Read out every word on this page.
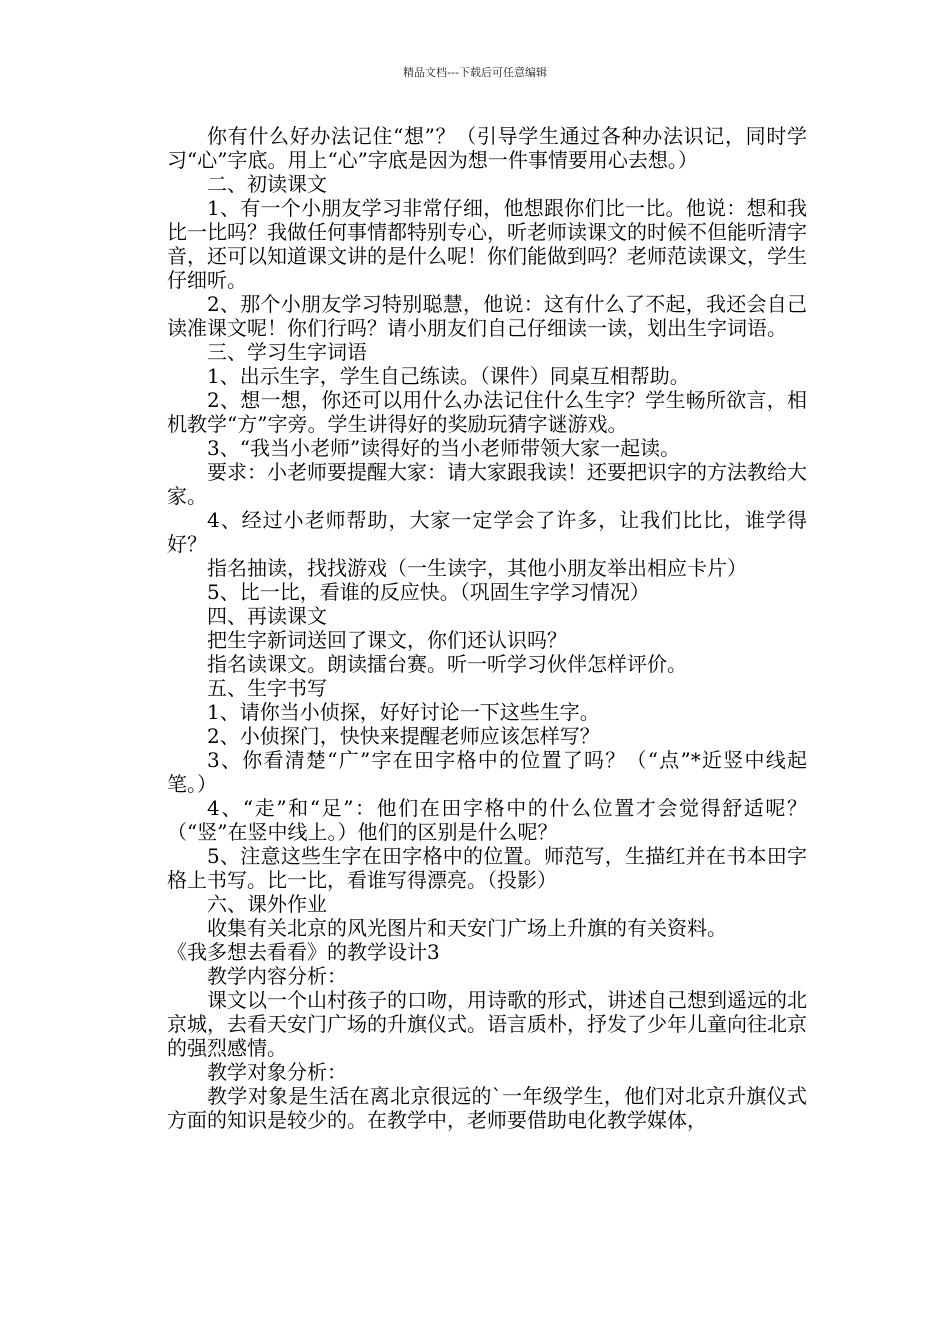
精品文档---下载后可任意编辑

你有什么好办法记住“想”？（引导学生通过各种办法识记，同时学习“心”字底。用上“心”字底是因为想一件事情要用心去想。）

二、初读课文

1、有一个小朋友学习非常仔细，他想跟你们比一比。他说：想和我比一比吗？我做任何事情都特别专心，听老师读课文的时候不但能听清字音，还可以知道课文讲的是什么呢！你们能做到吗？老师范读课文，学生仔细听。

2、那个小朋友学习特别聪慧，他说：这有什么了不起，我还会自己读准课文呢！你们行吗？请小朋友们自己仔细读一读，划出生字词语。

三、学习生字词语

1、出示生字，学生自己练读。（课件）同桌互相帮助。

2、想一想，你还可以用什么办法记住什么生字？学生畅所欲言，相机教学“方”字旁。学生讲得好的奖励玩猜字谜游戏。

3、“我当小老师”读得好的当小老师带领大家一起读。

要求：小老师要提醒大家：请大家跟我读！还要把识字的方法教给大家。

4、经过小老师帮助，大家一定学会了许多，让我们比比，谁学得好？

指名抽读，找找游戏（一生读字，其他小朋友举出相应卡片）

5、比一比，看谁的反应快。（巩固生字学习情况）

四、再读课文

把生字新词送回了课文，你们还认识吗？

指名读课文。朗读擂台赛。听一听学习伙伴怎样评价。

五、生字书写

1、请你当小侦探，好好讨论一下这些生字。

2、小侦探门，快快来提醒老师应该怎样写？

3、你看清楚“广”字在田字格中的位置了吗？（“点”*近竖中线起笔。）

4、“走”和“足”：他们在田字格中的什么位置才会觉得舒适呢？（“竖”在竖中线上。）他们的区别是什么呢？

5、注意这些生字在田字格中的位置。师范写，生描红并在书本田字格上书写。比一比，看谁写得漂亮。（投影）

六、课外作业

收集有关北京的风光图片和天安门广场上升旗的有关资料。

《我多想去看看》的教学设计3

教学内容分析：

课文以一个山村孩子的口吻，用诗歌的形式，讲述自己想到遥远的北京城，去看天安门广场的升旗仪式。语言质朴，抒发了少年儿童向往北京的强烈感情。

教学对象分析：

教学对象是生活在离北京很远的`一年级学生，他们对北京升旗仪式方面的知识是较少的。在教学中，老师要借助电化教学媒体，
